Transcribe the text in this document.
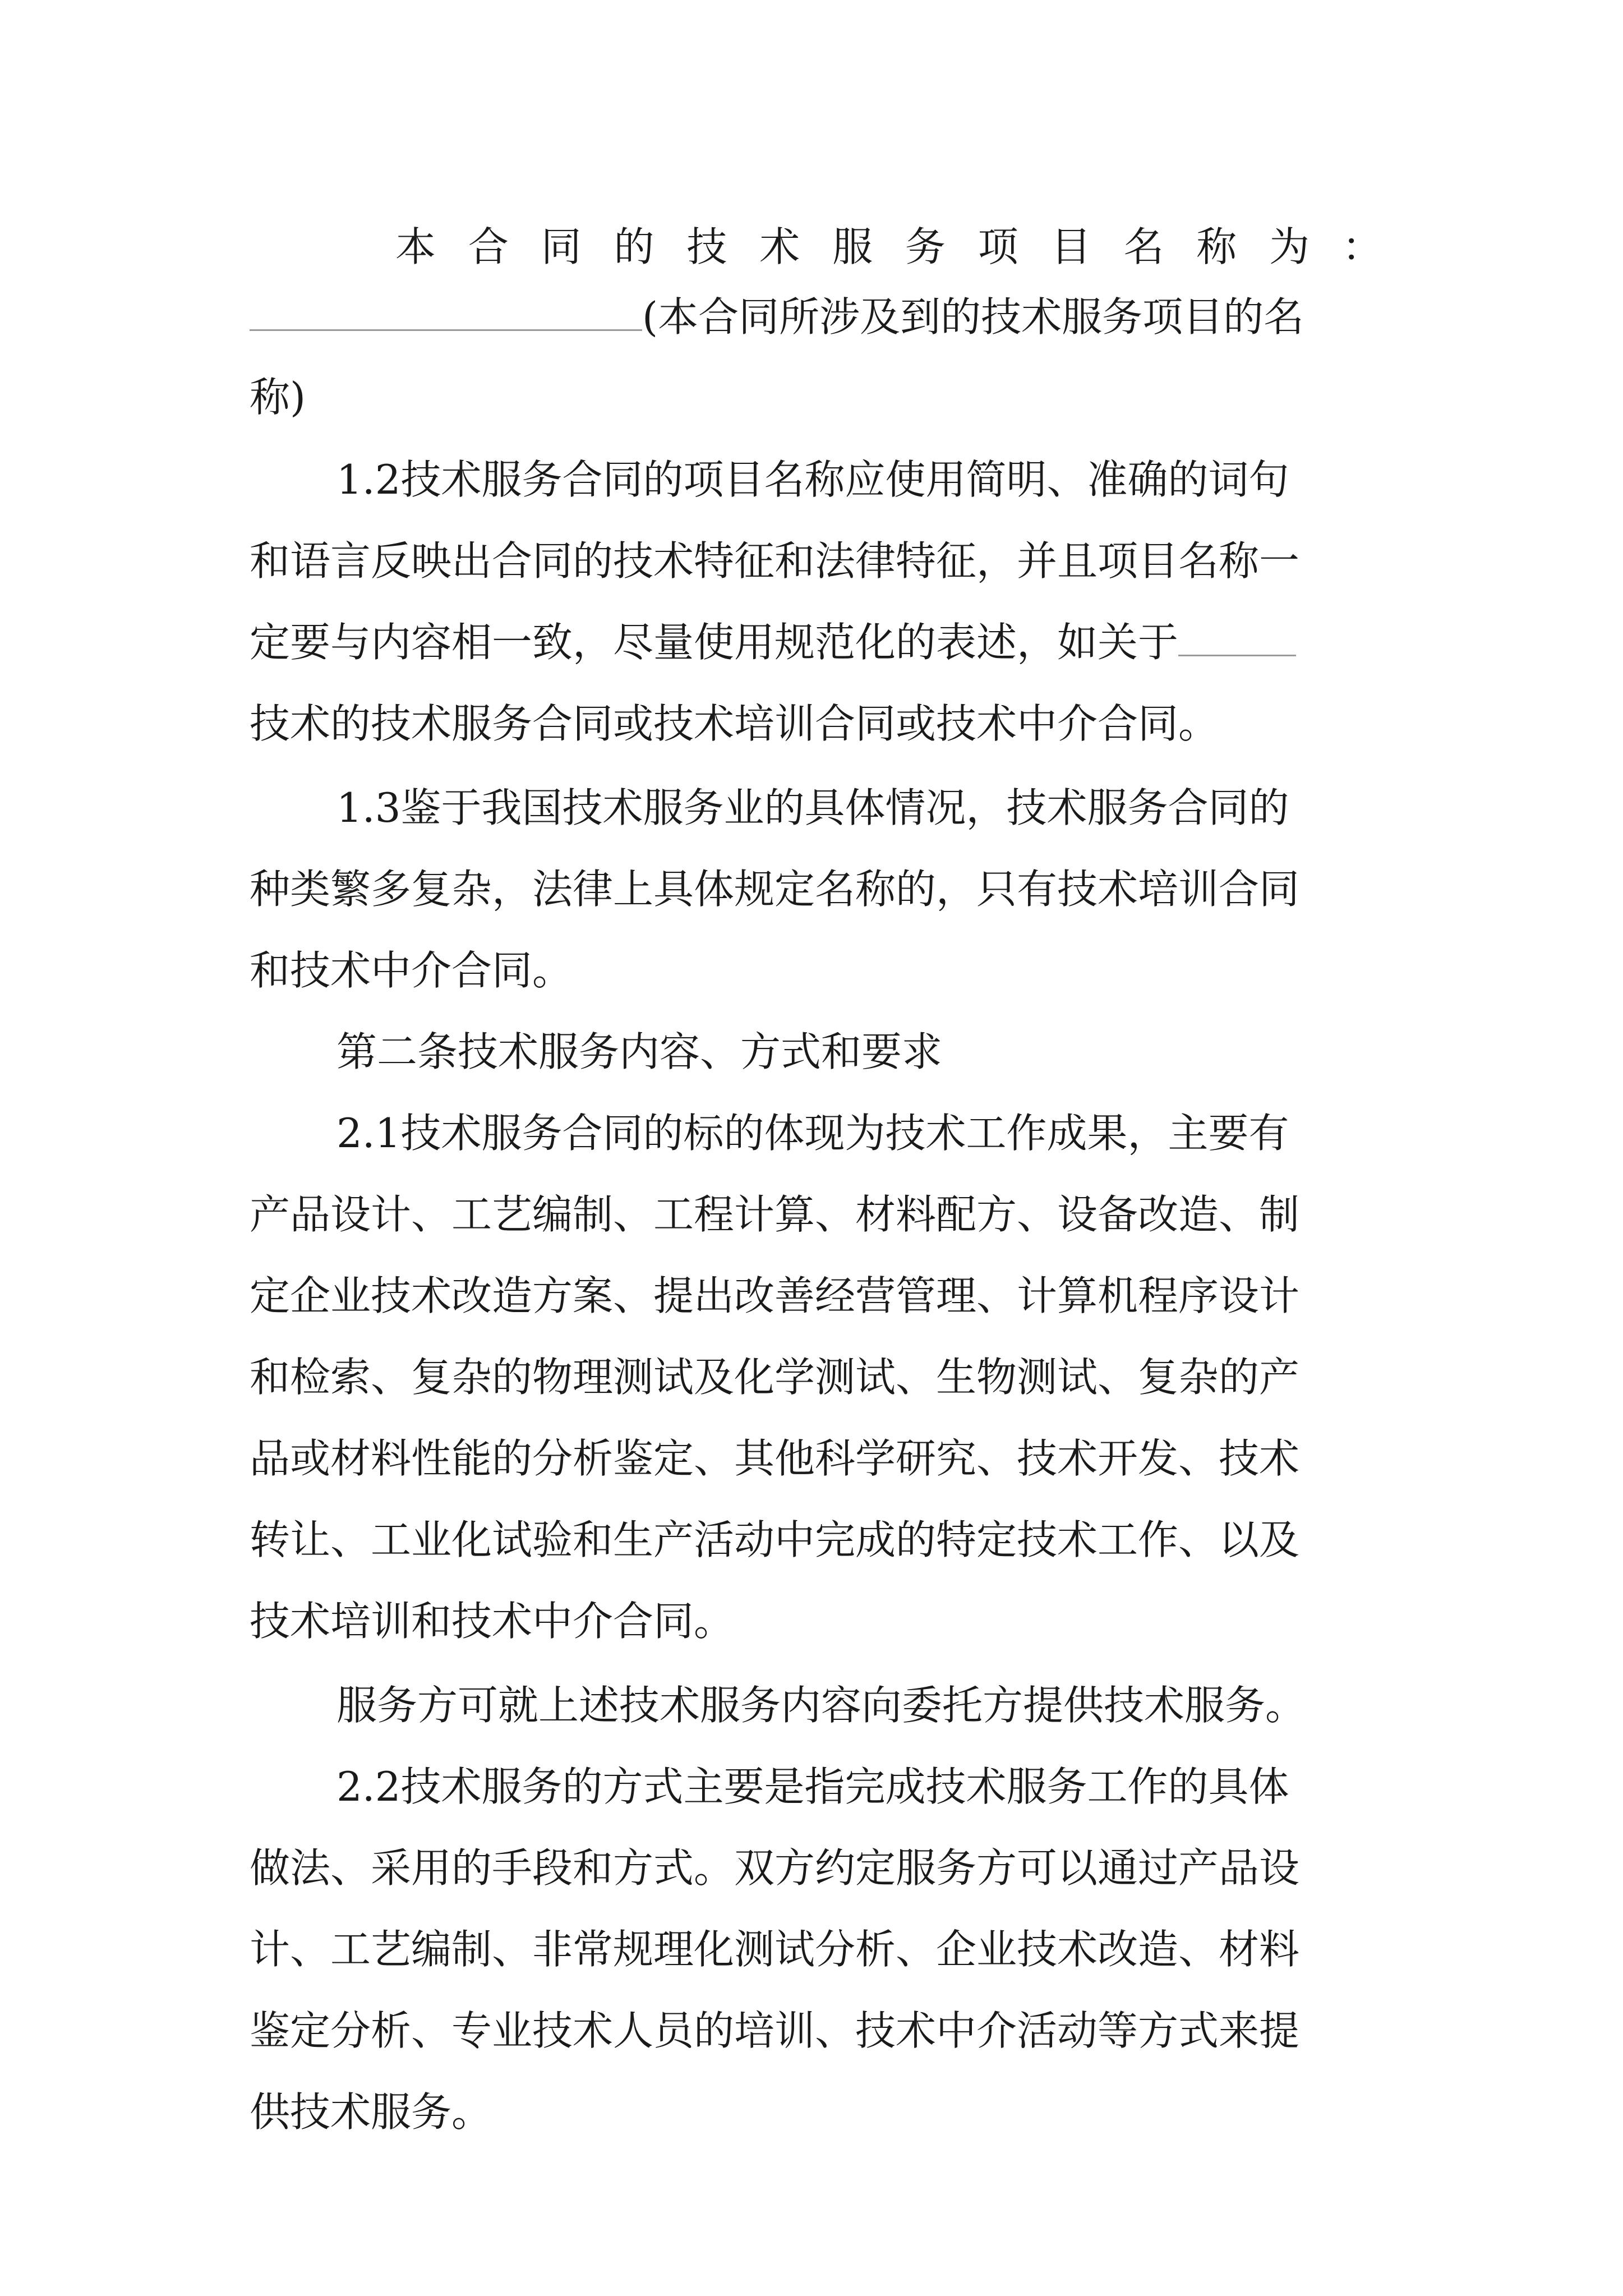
本 合 同 的 技 术 服 务 项 目 名 称 为 ：
(本合同所涉及到的技术服务项目的名
称)
1.2技术服务合同的项目名称应使用简明、准确的词句
和语言反映出合同的技术特征和法律特征，并且项目名称一
定要与内容相一致，尽量使用规范化的表述，如关于
技术的技术服务合同或技术培训合同或技术中介合同。
1.3鉴于我国技术服务业的具体情况，技术服务合同的
种类繁多复杂，法律上具体规定名称的，只有技术培训合同
和技术中介合同。
第二条技术服务内容、方式和要求
2.1技术服务合同的标的体现为技术工作成果，主要有
产品设计、工艺编制、工程计算、材料配方、设备改造、制
定企业技术改造方案、提出改善经营管理、计算机程序设计
和检索、复杂的物理测试及化学测试、生物测试、复杂的产
品或材料性能的分析鉴定、其他科学研究、技术开发、技术
转让、工业化试验和生产活动中完成的特定技术工作、以及
技术培训和技术中介合同。
服务方可就上述技术服务内容向委托方提供技术服务。
2.2技术服务的方式主要是指完成技术服务工作的具体
做法、采用的手段和方式。双方约定服务方可以通过产品设
计、工艺编制、非常规理化测试分析、企业技术改造、材料
鉴定分析、专业技术人员的培训、技术中介活动等方式来提
供技术服务。
